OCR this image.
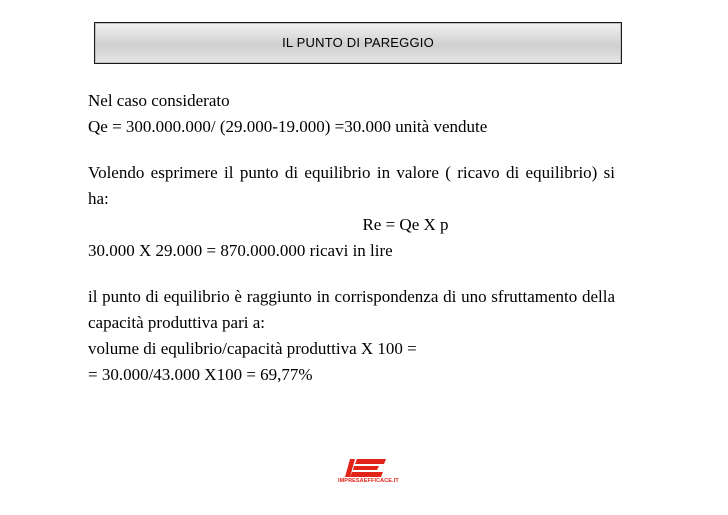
IL PUNTO DI PAREGGIO
Nel caso considerato
Qe = 300.000.000/ (29.000-19.000) =30.000 unità vendute
Volendo esprimere il punto di equilibrio in valore ( ricavo di equilibrio) si ha:
Re = Qe X p
30.000 X 29.000 = 870.000.000 ricavi in lire
il punto di equilibrio è raggiunto in corrispondenza di uno sfruttamento della capacità produttiva pari a:
volume di equlibrio/capacità produttiva X 100 =
= 30.000/43.000 X100 = 69,77%
IMPRESAEFFICACE.IT
